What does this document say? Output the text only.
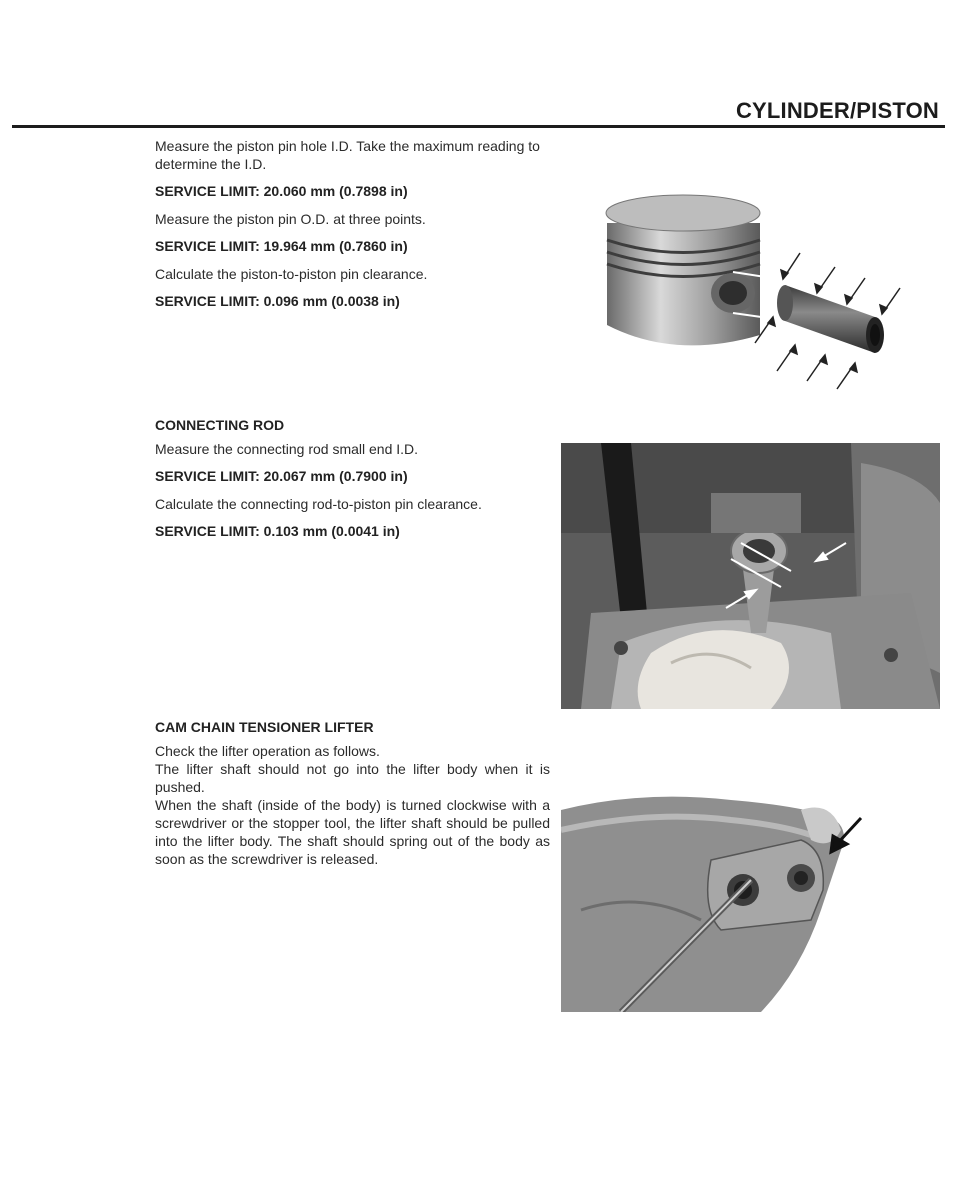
CYLINDER/PISTON

Measure the piston pin hole I.D. Take the maximum reading to determine the I.D.

SERVICE LIMIT: 20.060 mm (0.7898 in)

Measure the piston pin O.D. at three points.

SERVICE LIMIT: 19.964 mm (0.7860 in)

Calculate the piston-to-piston pin clearance.

SERVICE LIMIT: 0.096 mm (0.0038 in)

CONNECTING ROD

Measure the connecting rod small end I.D.

SERVICE LIMIT: 20.067 mm (0.7900 in)

Calculate the connecting rod-to-piston pin clearance.

SERVICE LIMIT: 0.103 mm (0.0041 in)

CAM CHAIN TENSIONER LIFTER

Check the lifter operation as follows.

The lifter shaft should not go into the lifter body when it is pushed.

When the shaft (inside of the body) is turned clockwise with a screwdriver or the stopper tool, the lifter shaft should be pulled into the lifter body. The shaft should spring out of the body as soon as the screwdriver is released.
